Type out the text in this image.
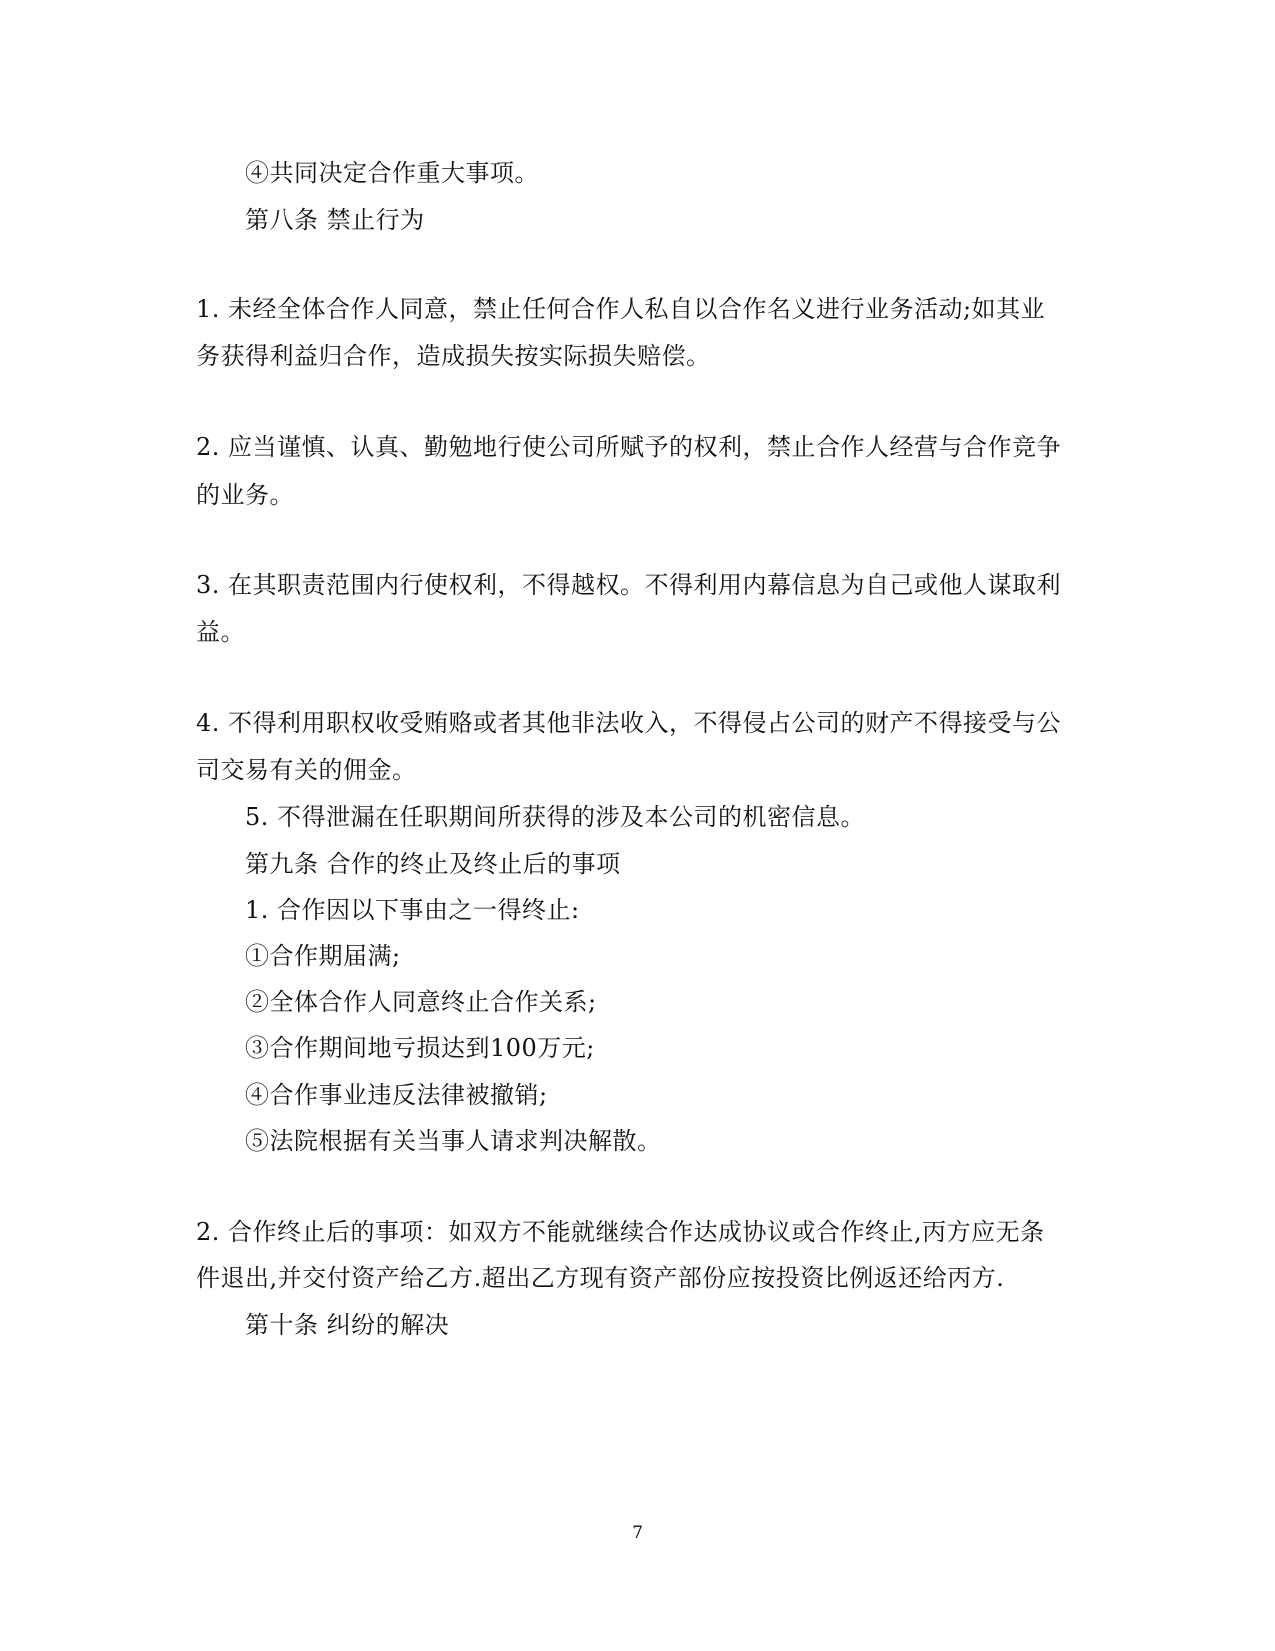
④共同决定合作重大事项。
第八条 禁止行为
1. 未经全体合作人同意，禁止任何合作人私自以合作名义进行业务活动;如其业
务获得利益归合作，造成损失按实际损失赔偿。
2. 应当谨慎、认真、勤勉地行使公司所赋予的权利，禁止合作人经营与合作竞争
的业务。
3. 在其职责范围内行使权利，不得越权。不得利用内幕信息为自己或他人谋取利
益。
4. 不得利用职权收受贿赂或者其他非法收入，不得侵占公司的财产不得接受与公
司交易有关的佣金。
5. 不得泄漏在任职期间所获得的涉及本公司的机密信息。
第九条 合作的终止及终止后的事项
1. 合作因以下事由之一得终止:
①合作期届满;
②全体合作人同意终止合作关系;
③合作期间地亏损达到100万元;
④合作事业违反法律被撤销;
⑤法院根据有关当事人请求判决解散。
2. 合作终止后的事项：如双方不能就继续合作达成协议或合作终止,丙方应无条
件退出,并交付资产给乙方.超出乙方现有资产部份应按投资比例返还给丙方.
第十条 纠纷的解决
7
